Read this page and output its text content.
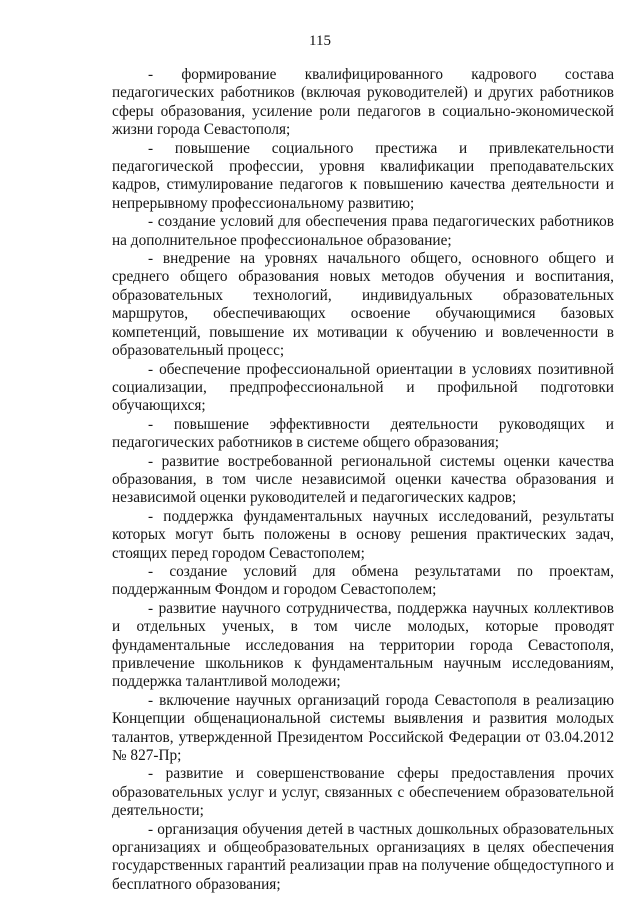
115

- формирование квалифицированного кадрового состава педагогических работников (включая руководителей) и других работников сферы образования, усиление роли педагогов в социально-экономической жизни города Севастополя;

- повышение социального престижа и привлекательности педагогической профессии, уровня квалификации преподавательских кадров, стимулирование педагогов к повышению качества деятельности и непрерывному профессиональному развитию;

- создание условий для обеспечения права педагогических работников на дополнительное профессиональное образование;

- внедрение на уровнях начального общего, основного общего и среднего общего образования новых методов обучения и воспитания, образовательных технологий, индивидуальных образовательных маршрутов, обеспечивающих освоение обучающимися базовых компетенций, повышение их мотивации к обучению и вовлеченности в образовательный процесс;

- обеспечение профессиональной ориентации в условиях позитивной социализации, предпрофессиональной и профильной подготовки обучающихся;

- повышение эффективности деятельности руководящих и педагогических работников в системе общего образования;

- развитие востребованной региональной системы оценки качества образования, в том числе независимой оценки качества образования и независимой оценки руководителей и педагогических кадров;

- поддержка фундаментальных научных исследований, результаты которых могут быть положены в основу решения практических задач, стоящих перед городом Севастополем;

- создание условий для обмена результатами по проектам, поддержанным Фондом и городом Севастополем;

- развитие научного сотрудничества, поддержка научных коллективов и отдельных ученых, в том числе молодых, которые проводят фундаментальные исследования на территории города Севастополя, привлечение школьников к фундаментальным научным исследованиям, поддержка талантливой молодежи;

- включение научных организаций города Севастополя в реализацию Концепции общенациональной системы выявления и развития молодых талантов, утвержденной Президентом Российской Федерации от 03.04.2012 № 827-Пр;

- развитие и совершенствование сферы предоставления прочих образовательных услуг и услуг, связанных с обеспечением образовательной деятельности;

- организация обучения детей в частных дошкольных образовательных организациях и общеобразовательных организациях в целях обеспечения государственных гарантий реализации прав на получение общедоступного и бесплатного образования;
